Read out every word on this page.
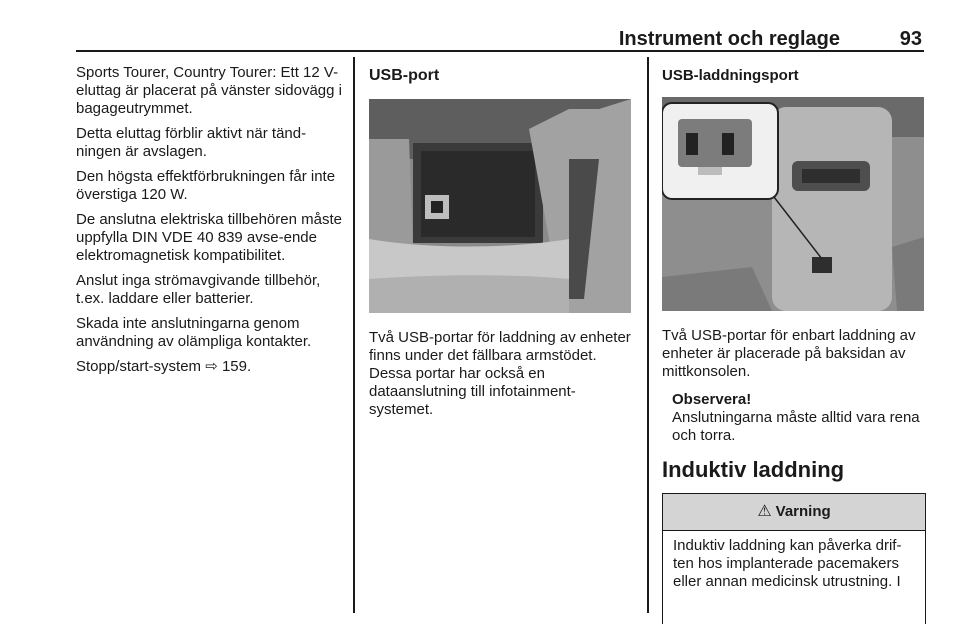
Instrument och reglage	93

Sports Tourer, Country Tourer: Ett 12 V-eluttag är placerat på vänster sidovägg i bagageutrymmet.

Detta eluttag förblir aktivt när tänd-ningen är avslagen.

Den högsta effektförbrukningen får inte överstiga 120 W.

De anslutna elektriska tillbehören måste uppfylla DIN VDE 40 839 avse-ende elektromagnetisk kompatibilitet.

Anslut inga strömavgivande tillbehör, t.ex. laddare eller batterier.

Skada inte anslutningarna genom användning av olämpliga kontakter.

Stopp/start-system ⇨ 159.

USB-port

Två USB-portar för laddning av enheter finns under det fällbara armstödet. Dessa portar har också en dataanslutning till infotainment-systemet.

USB-laddningsport

Två USB-portar för enbart laddning av enheter är placerade på baksidan av mittkonsolen.

Observera!
Anslutningarna måste alltid vara rena och torra.
Induktiv laddning
⚠ Varning
Induktiv laddning kan påverka drif-ten hos implanterade pacemakers eller annan medicinsk utrustning. I
